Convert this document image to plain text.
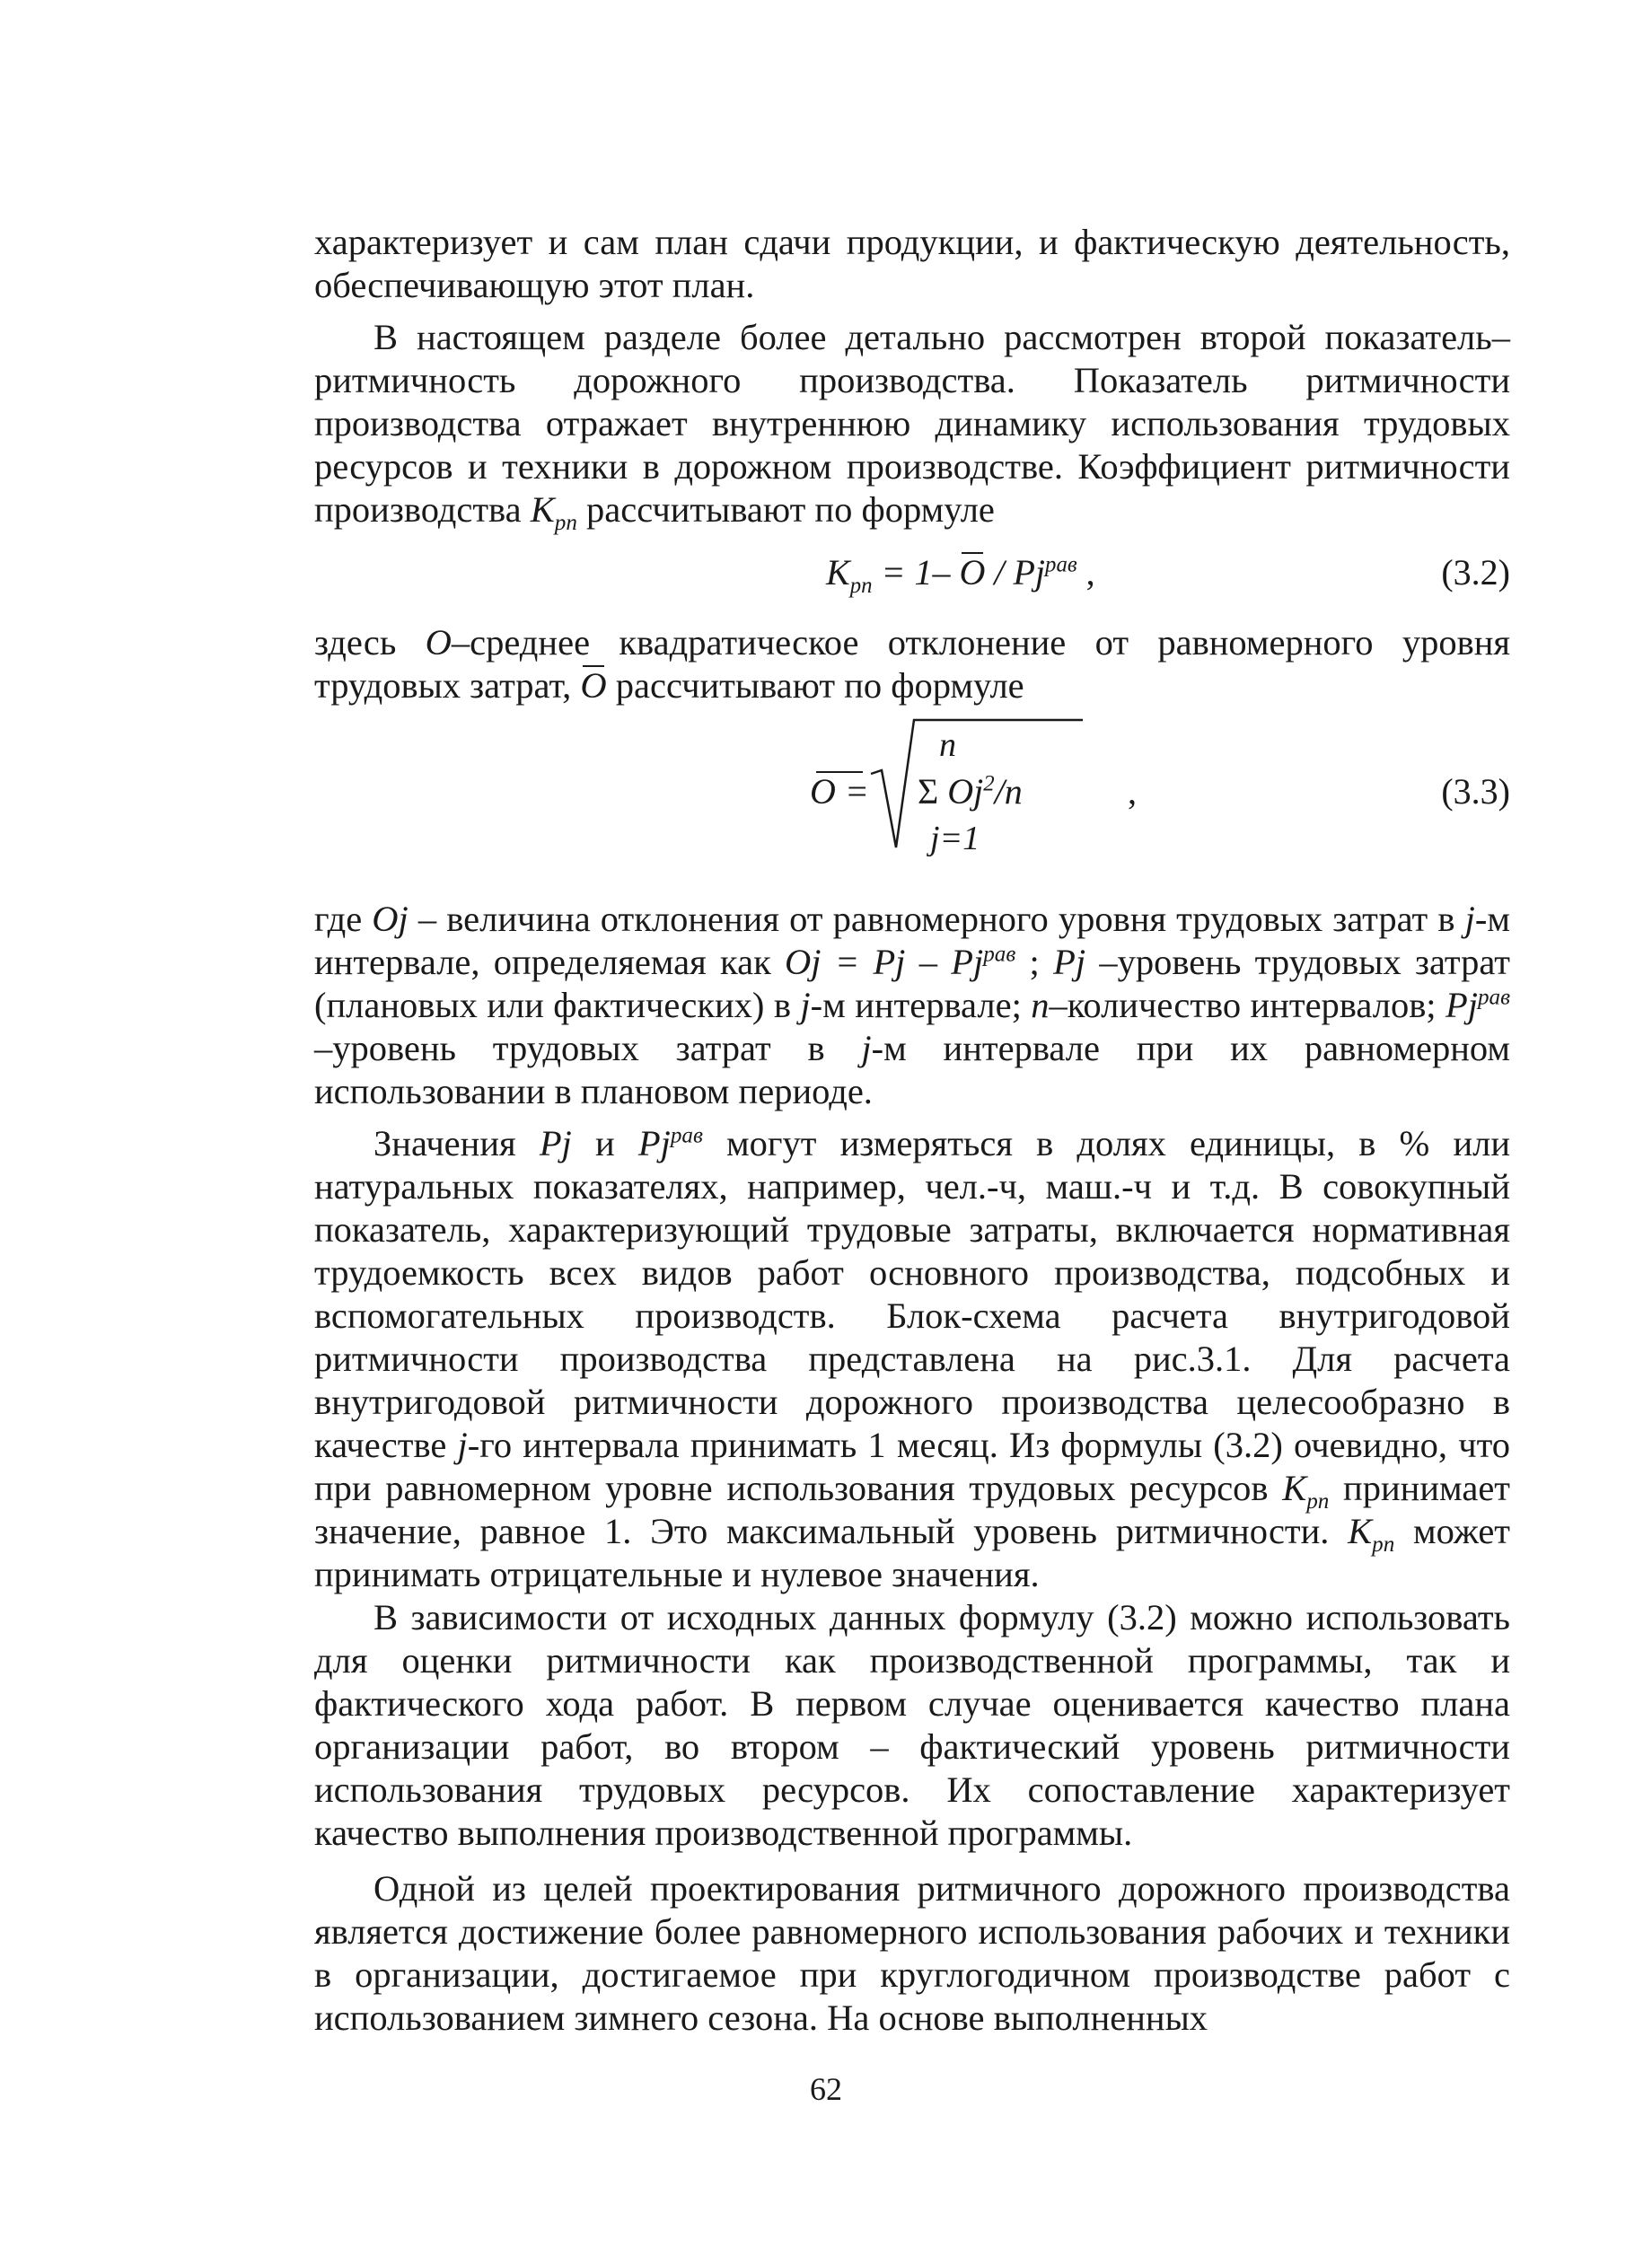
характеризует и сам план сдачи продукции, и фактическую деятельность, обеспечивающую этот план.

В настоящем разделе более детально рассмотрен второй показатель–ритмичность дорожного производства. Показатель ритмичности производства отражает внутреннюю динамику использования трудовых ресурсов и техники в дорожном производстве. Коэффициент ритмичности производства $K_{рп}$ рассчитывают по формуле

$K_{рп} = 1-$ O / $Pj^{рав}$ ,	(3.2)

здесь O–среднее квадратическое отклонение от равномерного уровня трудовых затрат, O рассчитывают по формуле

O =
n
Σ Oj$^2$/n
j=1
,	(3.3)

где Oj – величина отклонения от равномерного уровня трудовых затрат в j-м интервале, определяемая как $Oj = Pj - Pj^{рав}$ ; Pj –уровень трудовых затрат (плановых или фактических) в j-м интервале; n–количество интервалов; $Pj^{рав}$ –уровень трудовых затрат в j-м интервале при их равномерном использовании в плановом периоде.

Значения Pj и $Pj^{рав}$ могут измеряться в долях единицы, в % или натуральных показателях, например, чел.-ч, маш.-ч и т.д. В совокупный показатель, характеризующий трудовые затраты, включается нормативная трудоемкость всех видов работ основного производства, подсобных и вспомогательных производств. Блок-схема расчета внутригодовой ритмичности производства представлена на рис.3.1. Для расчета внутригодовой ритмичности дорожного производства целесообразно в качестве j-го интервала принимать 1 месяц. Из формулы (3.2) очевидно, что при равномерном уровне использования трудовых ресурсов $K_{рп}$ принимает значение, равное 1. Это максимальный уровень ритмичности. $K_{рп}$ может принимать отрицательные и нулевое значения.

В зависимости от исходных данных формулу (3.2) можно использовать для оценки ритмичности как производственной программы, так и фактического хода работ. В первом случае оценивается качество плана организации работ, во втором – фактический уровень ритмичности использования трудовых ресурсов. Их сопоставление характеризует качество выполнения производственной программы.

Одной из целей проектирования ритмичного дорожного производства является достижение более равномерного использования рабочих и техники в организации, достигаемое при круглогодичном производстве работ с использованием зимнего сезона. На основе выполненных

62
